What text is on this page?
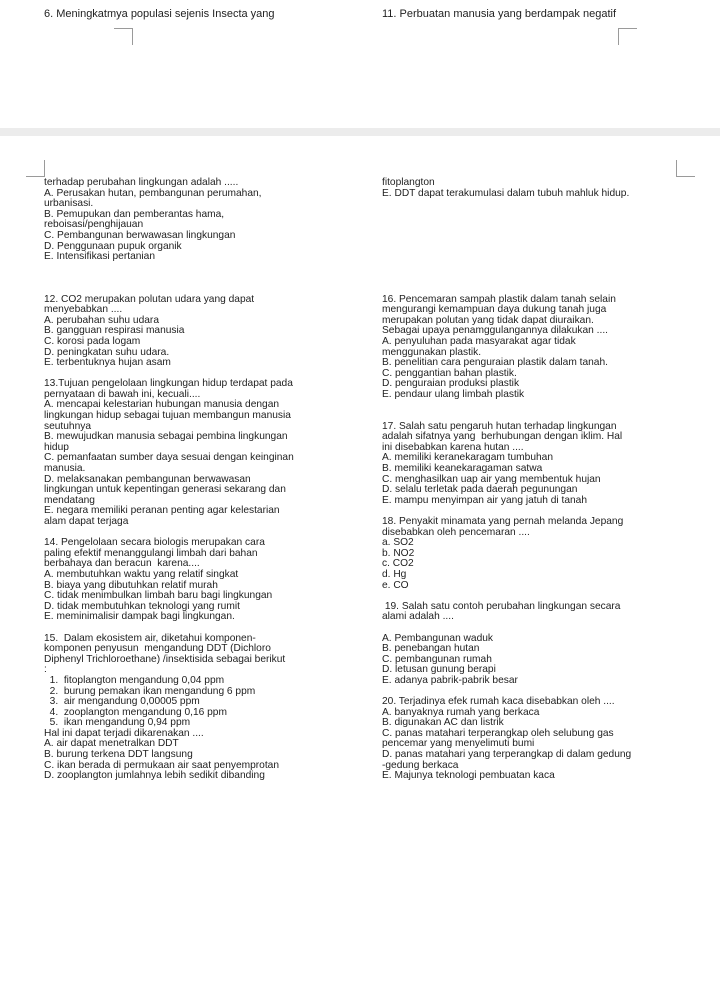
6. Meningkatmya populasi sejenis Insecta yang	11. Perbuatan manusia yang berdampak negatif
terhadap perubahan lingkungan adalah .....
A. Perusakan hutan, pembangunan perumahan,
urbanisasi.
B. Pemupukan dan pemberantas hama,
reboisasi/penghijauan
C. Pembangunan berwawasan lingkungan
D. Penggunaan pupuk organik
E. Intensifikasi pertanian
12. CO2 merupakan polutan udara yang dapat
menyebabkan ....
A. perubahan suhu udara
B. gangguan respirasi manusia
C. korosi pada logam
D. peningkatan suhu udara.
E. terbentuknya hujan asam
13.Tujuan pengelolaan lingkungan hidup terdapat pada
pernyataan di bawah ini, kecuali....
A. mencapai kelestarian hubungan manusia dengan
lingkungan hidup sebagai tujuan membangun manusia
seutuhnya
B. mewujudkan manusia sebagai pembina lingkungan
hidup
C. pemanfaatan sumber daya sesuai dengan keinginan
manusia.
D. melaksanakan pembangunan berwawasan
lingkungan untuk kepentingan generasi sekarang dan
mendatang
E. negara memiliki peranan penting agar kelestarian
alam dapat terjaga
14. Pengelolaan secara biologis merupakan cara
paling efektif menanggulangi limbah dari bahan
berbahaya dan beracun  karena....
A. membutuhkan waktu yang relatif singkat
B. biaya yang dibutuhkan relatif murah
C. tidak menimbulkan limbah baru bagi lingkungan
D. tidak membutuhkan teknologi yang rumit
E. meminimalisir dampak bagi lingkungan.
15.  Dalam ekosistem air, diketahui komponen-
komponen penyusun  mengandung DDT (Dichloro
Diphenyl Trichloroethane) /insektisida sebagai berikut
:
1.  fitoplangton mengandung 0,04 ppm
2.  burung pemakan ikan mengandung 6 ppm
3.  air mengandung 0,00005 ppm
4.  zooplangton mengandung 0,16 ppm
5.  ikan mengandung 0,94 ppm
Hal ini dapat terjadi dikarenakan ....
A. air dapat menetralkan DDT
B. burung terkena DDT langsung
C. ikan berada di permukaan air saat penyemprotan
D. zooplangton jumlahnya lebih sedikit dibanding
fitoplangton
E. DDT dapat terakumulasi dalam tubuh mahluk hidup.
16. Pencemaran sampah plastik dalam tanah selain
mengurangi kemampuan daya dukung tanah juga
merupakan polutan yang tidak dapat diuraikan.
Sebagai upaya penamggulangannya dilakukan ....
A. penyuluhan pada masyarakat agar tidak
menggunakan plastik.
B. penelitian cara penguraian plastik dalam tanah.
C. penggantian bahan plastik.
D. penguraian produksi plastik
E. pendaur ulang limbah plastik
17. Salah satu pengaruh hutan terhadap lingkungan
adalah sifatnya yang  berhubungan dengan iklim. Hal
ini disebabkan karena hutan ....
A. memiliki keranekaragam tumbuhan
B. memiliki keanekaragaman satwa
C. menghasilkan uap air yang membentuk hujan
D. selalu terletak pada daerah pegunungan
E. mampu menyimpan air yang jatuh di tanah
18. Penyakit minamata yang pernah melanda Jepang
disebabkan oleh pencemaran ....
a. SO2
b. NO2
c. CO2
d. Hg
e. CO
19. Salah satu contoh perubahan lingkungan secara
alami adalah ....
A. Pembangunan waduk
B. penebangan hutan
C. pembangunan rumah
D. letusan gunung berapi
E. adanya pabrik-pabrik besar
20. Terjadinya efek rumah kaca disebabkan oleh ....
A. banyaknya rumah yang berkaca
B. digunakan AC dan listrik
C. panas matahari terperangkap oleh selubung gas
pencemar yang menyelimuti bumi
D. panas matahari yang terperangkap di dalam gedung
-gedung berkaca
E. Majunya teknologi pembuatan kaca
